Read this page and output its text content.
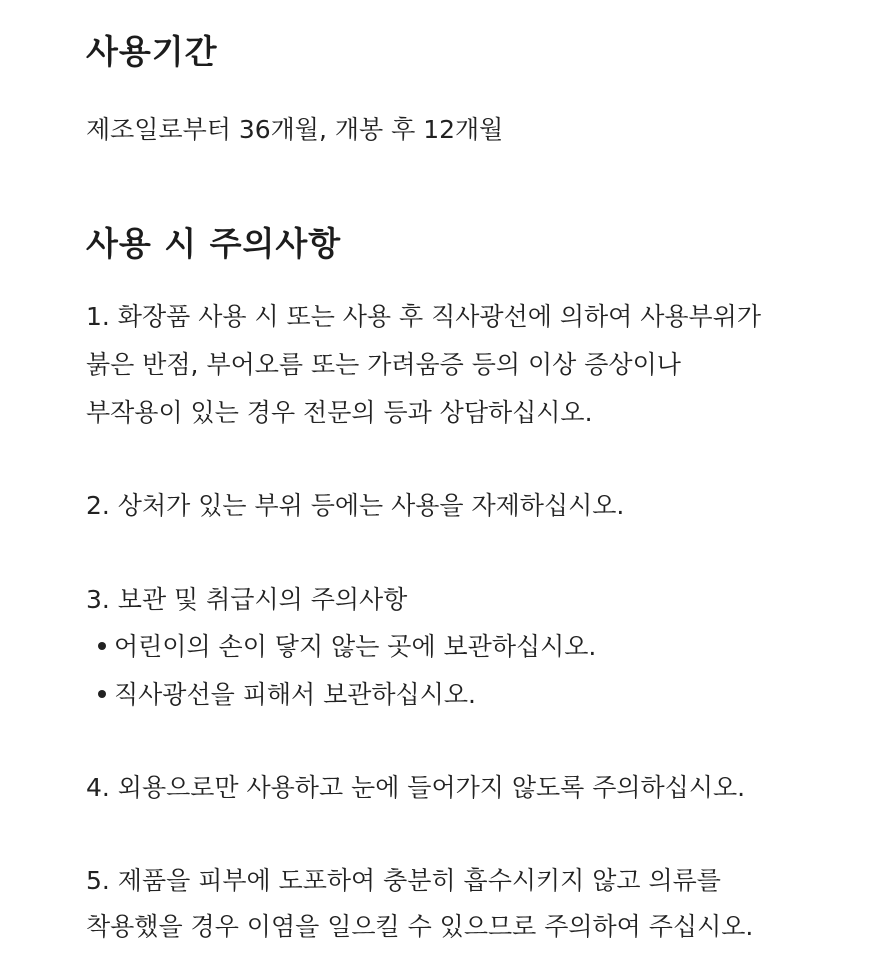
사용기간
제조일로부터 36개월, 개봉 후 12개월
사용 시 주의사항
1. 화장품 사용 시 또는 사용 후 직사광선에 의하여 사용부위가
붉은 반점, 부어오름 또는 가려움증 등의 이상 증상이나
부작용이 있는 경우 전문의 등과 상담하십시오.
2. 상처가 있는 부위 등에는 사용을 자제하십시오.
3. 보관 및 취급시의 주의사항
어린이의 손이 닿지 않는 곳에 보관하십시오.
직사광선을 피해서 보관하십시오.
4. 외용으로만 사용하고 눈에 들어가지 않도록 주의하십시오.
5. 제품을 피부에 도포하여 충분히 흡수시키지 않고 의류를
착용했을 경우 이염을 일으킬 수 있으므로 주의하여 주십시오.
